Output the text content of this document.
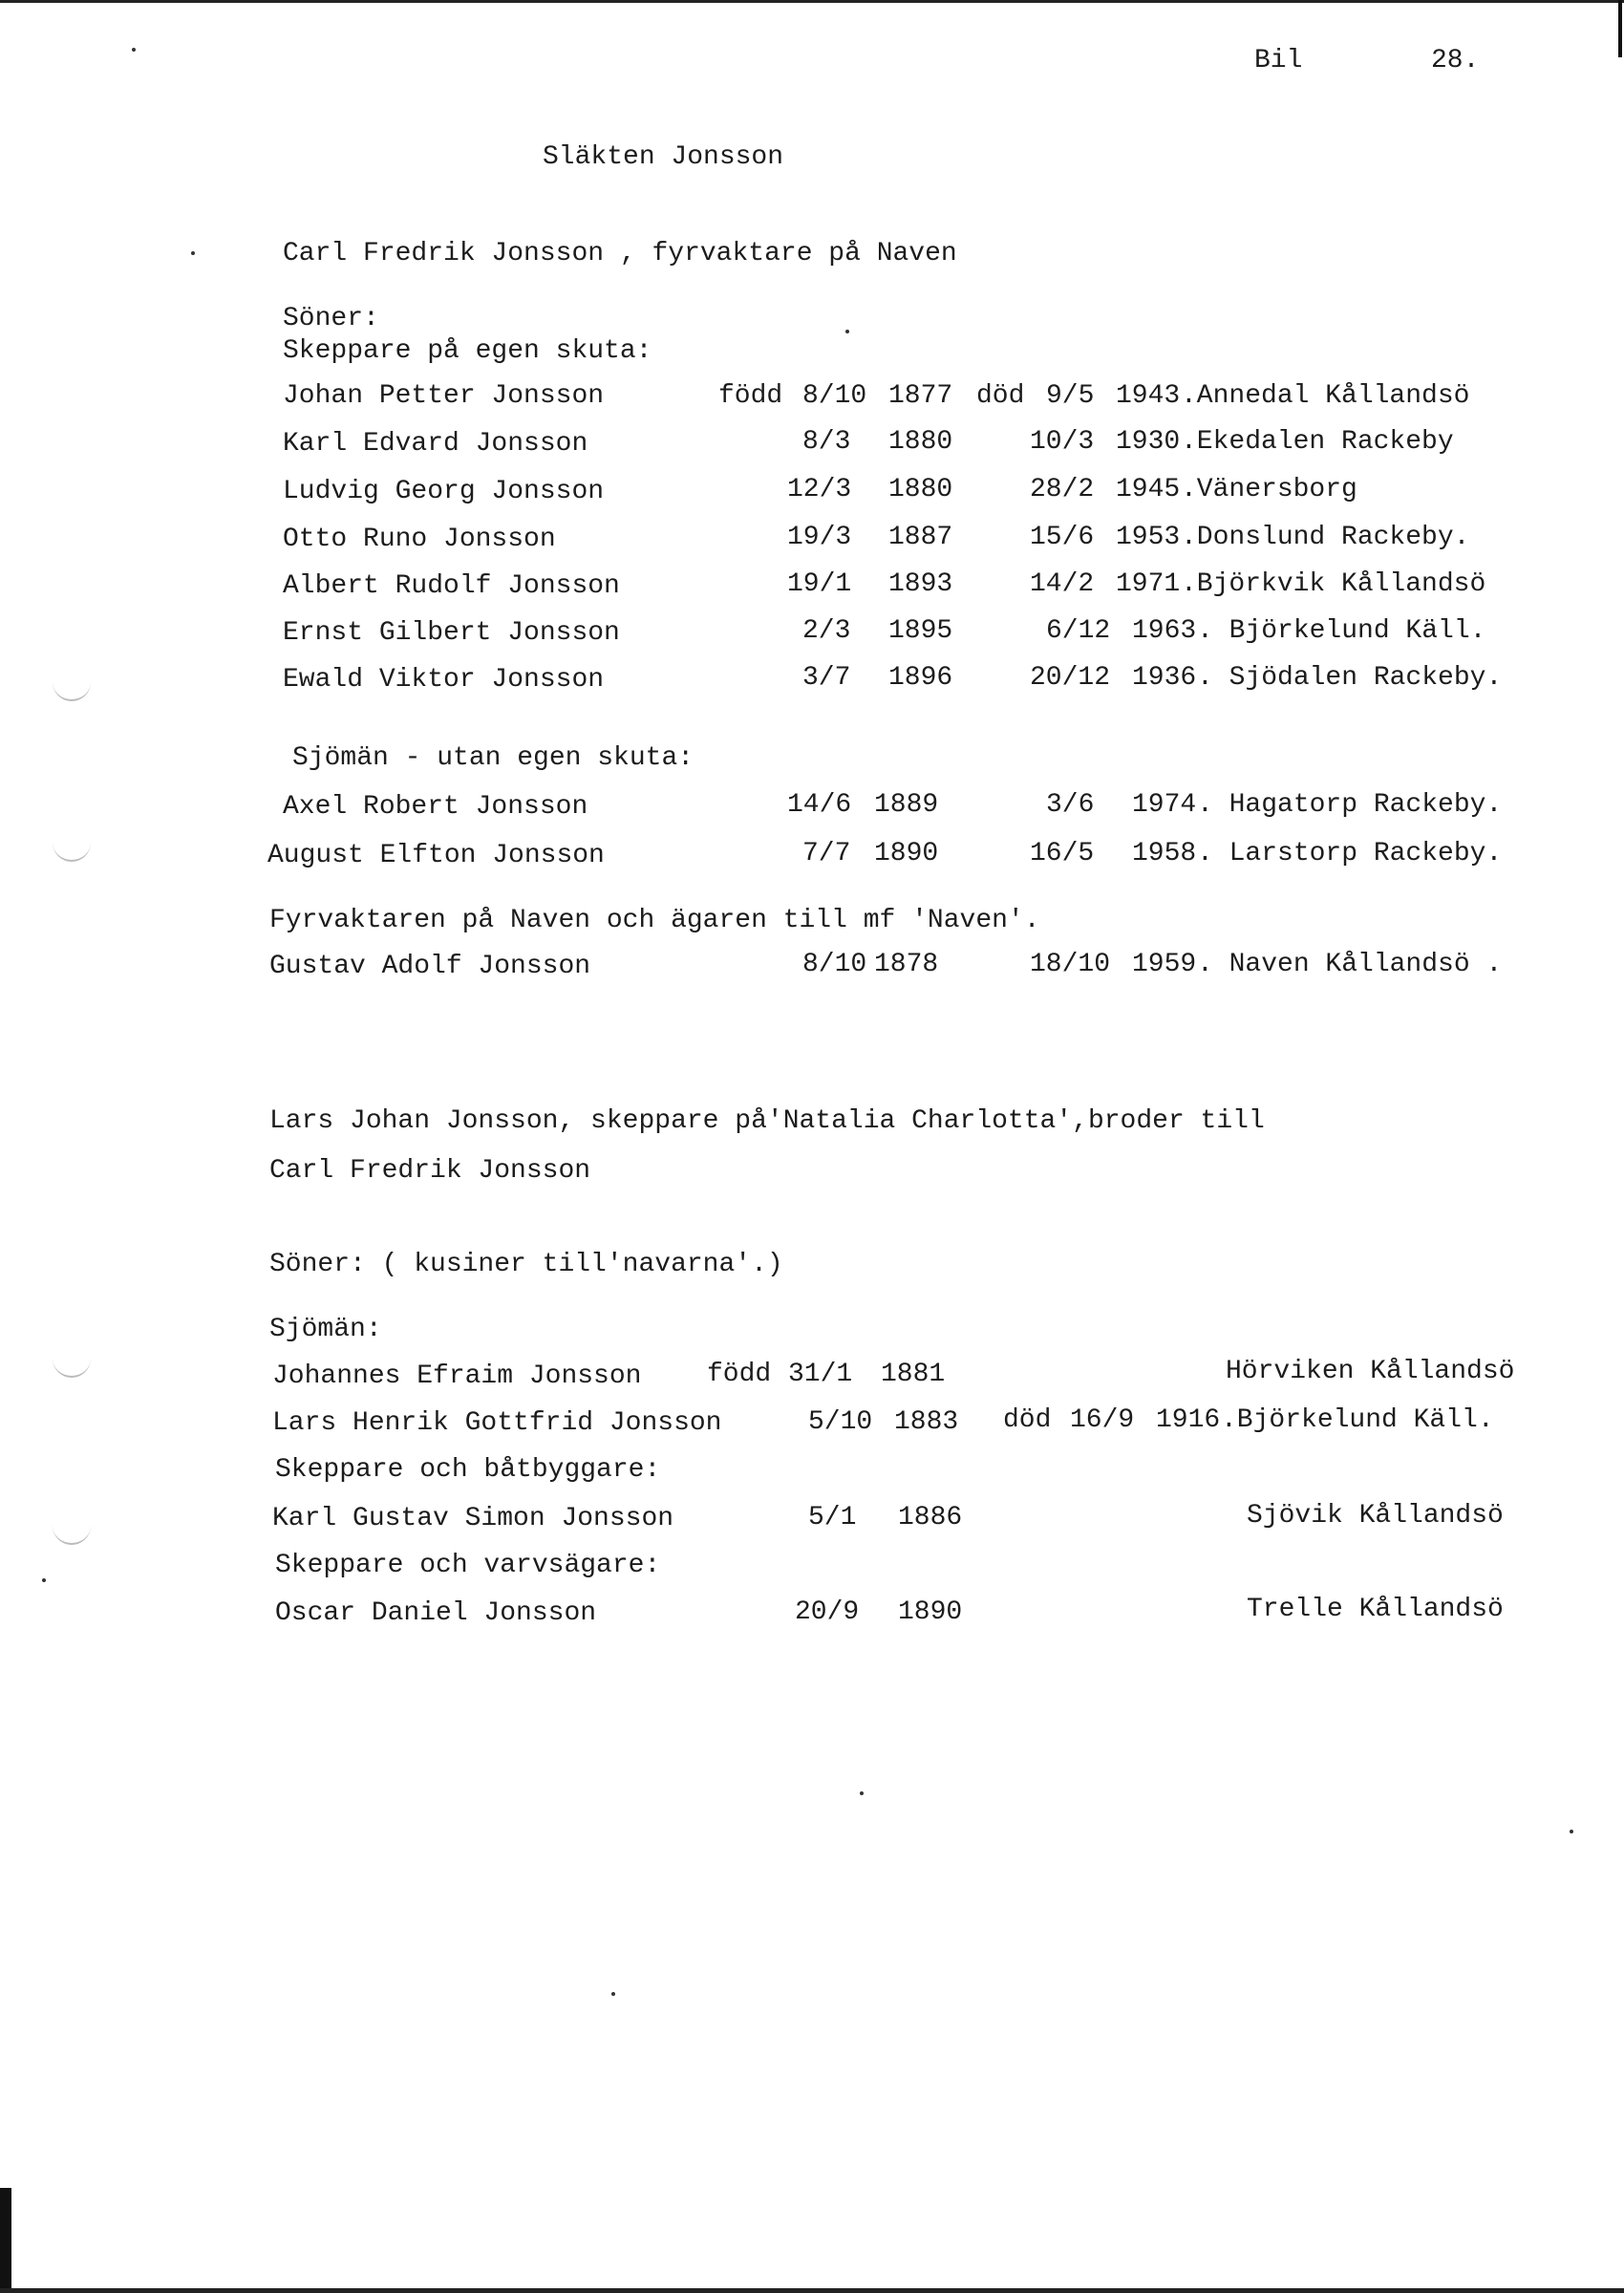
Bil	28.
Släkten Jonsson
Carl Fredrik Jonsson , fyrvaktare på Naven
Söner:
Skeppare på egen skuta:
Johan Petter Jonsson	född 8/10 1877 död 9/5 1943 .Annedal Kållandsö
Karl Edvard Jonsson	8/3 1880	10/3 1930 .Ekedalen Rackeby
Ludvig Georg Jonsson	12/3 1880	28/2 1945 .Vänersborg
Otto Runo Jonsson	19/3 1887	15/6 1953 .Donslund Rackeby.
Albert Rudolf Jonsson	19/1 1893	14/2 1971 .Björkvik Kållandsö
Ernst Gilbert Jonsson	2/3 1895	6/12 1963 . Björkelund Käll.
Ewald Viktor Jonsson	3/7 1896	20/12 1936 . Sjödalen Rackeby.
Sjömän - utan egen skuta:
Axel Robert Jonsson	14/6 1889	3/6 1974 . Hagatorp Rackeby.
August Elfton Jonsson	7/7 1890	16/5 1958 . Larstorp Rackeby.
Fyrvaktaren på Naven och ägaren till mf 'Naven'.
Gustav Adolf Jonsson	8/10 1878	18/10 1959 . Naven Kållandsö .
Lars Johan Jonsson, skeppare på'Natalia Charlotta',broder till
Carl Fredrik Jonsson
Söner: ( kusiner till'navarna'.)
Sjömän:
Johannes Efraim Jonsson född 31/1 1881	Hörviken Kållandsö
Lars Henrik Gottfrid Jonsson	5/10 1883 död 16/9 1916 .Björkelund Käll.
Skeppare och båtbyggare:
Karl Gustav Simon Jonsson	5/1 1886	Sjövik Kållandsö
Skeppare och varvsägare:
Oscar Daniel Jonsson	20/9 1890	Trelle Kållandsö
